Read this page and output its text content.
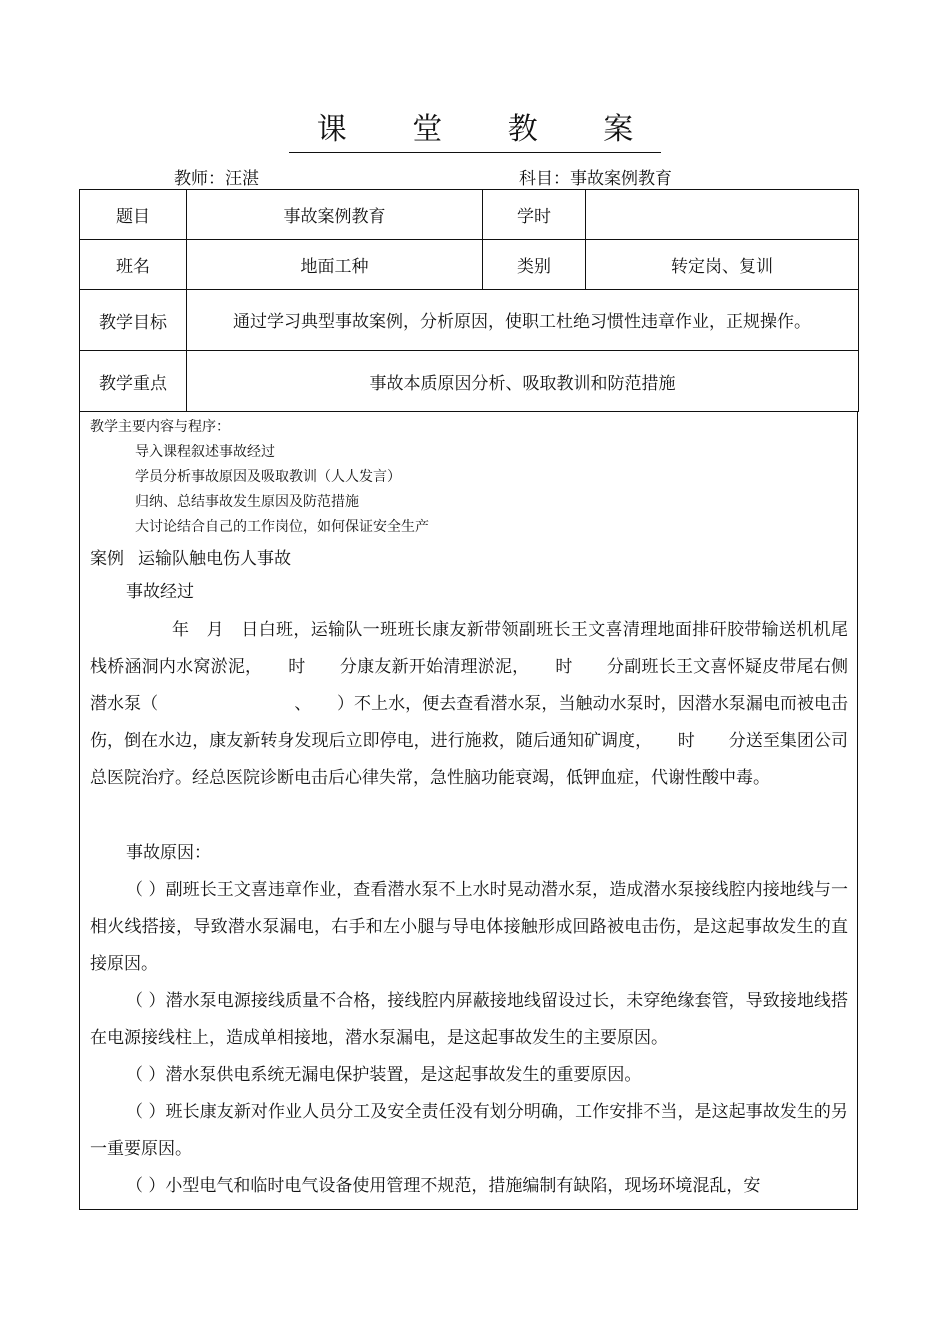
课 堂 教 案
教师：汪湛	科目：事故案例教育
题目	事故案例教育	学时	
班名	地面工种	类别	转定岗、复训
教学目标	通过学习典型事故案例，分析原因，使职工杜绝习惯性违章作业，正规操作。		

教学重点	事故本质原因分析、吸取教训和防范措施		
教学主要内容与程序：
导入课程叙述事故经过
学员分析事故原因及吸取教训（人人发言）
归纳、总结事故发生原因及防范措施
大讨论结合自己的工作岗位，如何保证安全生产
案例 运输队触电伤人事故
事故经过
年　月　日白班，运输队一班班长康友新带领副班长王文喜清理地面排矸胶带输送机机尾栈桥涵洞内水窝淤泥，　　时　　分康友新开始清理淤泥，　　时　　分副班长王文喜怀疑皮带尾右侧潜水泵（　　　　　　　　、　　）不上水，便去查看潜水泵，当触动水泵时，因潜水泵漏电而被电击伤，倒在水边，康友新转身发现后立即停电，进行施救，随后通知矿调度，　　时　　分送至集团公司总医院治疗。经总医院诊断电击后心律失常，急性脑功能衰竭，低钾血症，代谢性酸中毒。
事故原因：
（ ）副班长王文喜违章作业，查看潜水泵不上水时晃动潜水泵，造成潜水泵接线腔内接地线与一相火线搭接，导致潜水泵漏电，右手和左小腿与导电体接触形成回路被电击伤，是这起事故发生的直接原因。
（ ）潜水泵电源接线质量不合格，接线腔内屏蔽接地线留设过长，未穿绝缘套管，导致接地线搭在电源接线柱上，造成单相接地，潜水泵漏电，是这起事故发生的主要原因。
（ ）潜水泵供电系统无漏电保护装置，是这起事故发生的重要原因。
（ ）班长康友新对作业人员分工及安全责任没有划分明确，工作安排不当，是这起事故发生的另一重要原因。
（ ）小型电气和临时电气设备使用管理不规范，措施编制有缺陷，现场环境混乱，安
